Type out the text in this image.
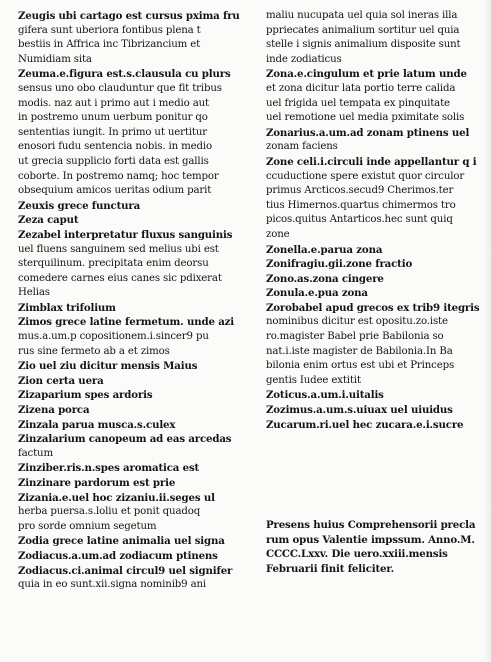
Zeugis ubi cartago est cursus pxima fru
gifera sunt uberiora fontibus plena t
bestiis in Affrica inc Tibrizancium et
Numidiam sita
Zeuma.e.figura est.s.clausula cu plurs
sensus uno obo clauduntur que fit tribus
modis. naz aut i primo aut i medio aut
in postremo unum uerbum ponitur qo
sententias iungit. In primo ut uertitur
enosori fudu sentencia nobis. in medio
ut grecia supplicio forti data est gallis
coborte. In postremo namq; hoc tempor
obsequium amicos ueritas odium parit
Zeuxis grece functura
Zeza caput
Zezabel interpretatur fluxus sanguinis
uel fluens sanguinem sed melius ubi est
sterquilinum. precipitata enim deorsu
comedere carnes eius canes sic pdixerat
Helias
Zimblax trifolium
Zimos grece latine fermetum. unde azi
mus.a.um.p copositionem.i.sincer9 pu
rus sine fermeto ab a et zimos
Zio uel ziu dicitur mensis Maius
Zion certa uera
Zizaparium spes ardoris
Zizena porca
Zinzala parua musca.s.culex
Zinzalarium canopeum ad eas arcedas
factum
Zinziber.ris.n.spes aromatica est
Zinzinare pardorum est prie
Zizania.e.uel hoc zizaniu.ii.seges ul
herba puersa.s.loliu et ponit quadoq
pro sorde omnium segetum
Zodia grece latine animalia uel signa
Zodiacus.a.um.ad zodiacum ptinens
Zodiacus.ci.animal circul9 uel signifer
quia in eo sunt.xii.signa nominib9 ani
maliu nucupata uel quia sol ineras illa
ppriecates animalium sortitur uel quia
stelle i signis animalium disposite sunt
inde zodiaticus
Zona.e.cingulum et prie latum unde
et zona dicitur lata portio terre calida
uel frigida uel tempata ex pinquitate
uel remotione uel media pximitate solis
Zonarius.a.um.ad zonam ptinens uel
zonam faciens
Zone celi.i.circuli inde appellantur q i
ccuductione spere existut quor circulor
primus Arcticos.secud9 Cherimos.ter
tius Himernos.quartus chimermos tro
picos.quitus Antarticos.hec sunt quiq
zone
Zonella.e.parua zona
Zonifragiu.gii.zone fractio
Zono.as.zona cingere
Zonula.e.pua zona
Zorobabel apud grecos ex trib9 itegris
nominibus dicitur est opositu.zo.iste
ro.magister Babel prie Babilonia so
nat.i.iste magister de Babilonia.In Ba
bilonia enim ortus est ubi et Princeps
gentis Iudee extitit
Zoticus.a.um.i.uitalis
Zozimus.a.um.s.uiuax uel uiuidus
Zucarum.ri.uel hec zucara.e.i.sucre
Presens huius Comprehensorii precla
rum opus Valentie impssum. Anno.M.
CCCC.Lxxv. Die uero.xxiii.mensis
Februarii finit feliciter.
